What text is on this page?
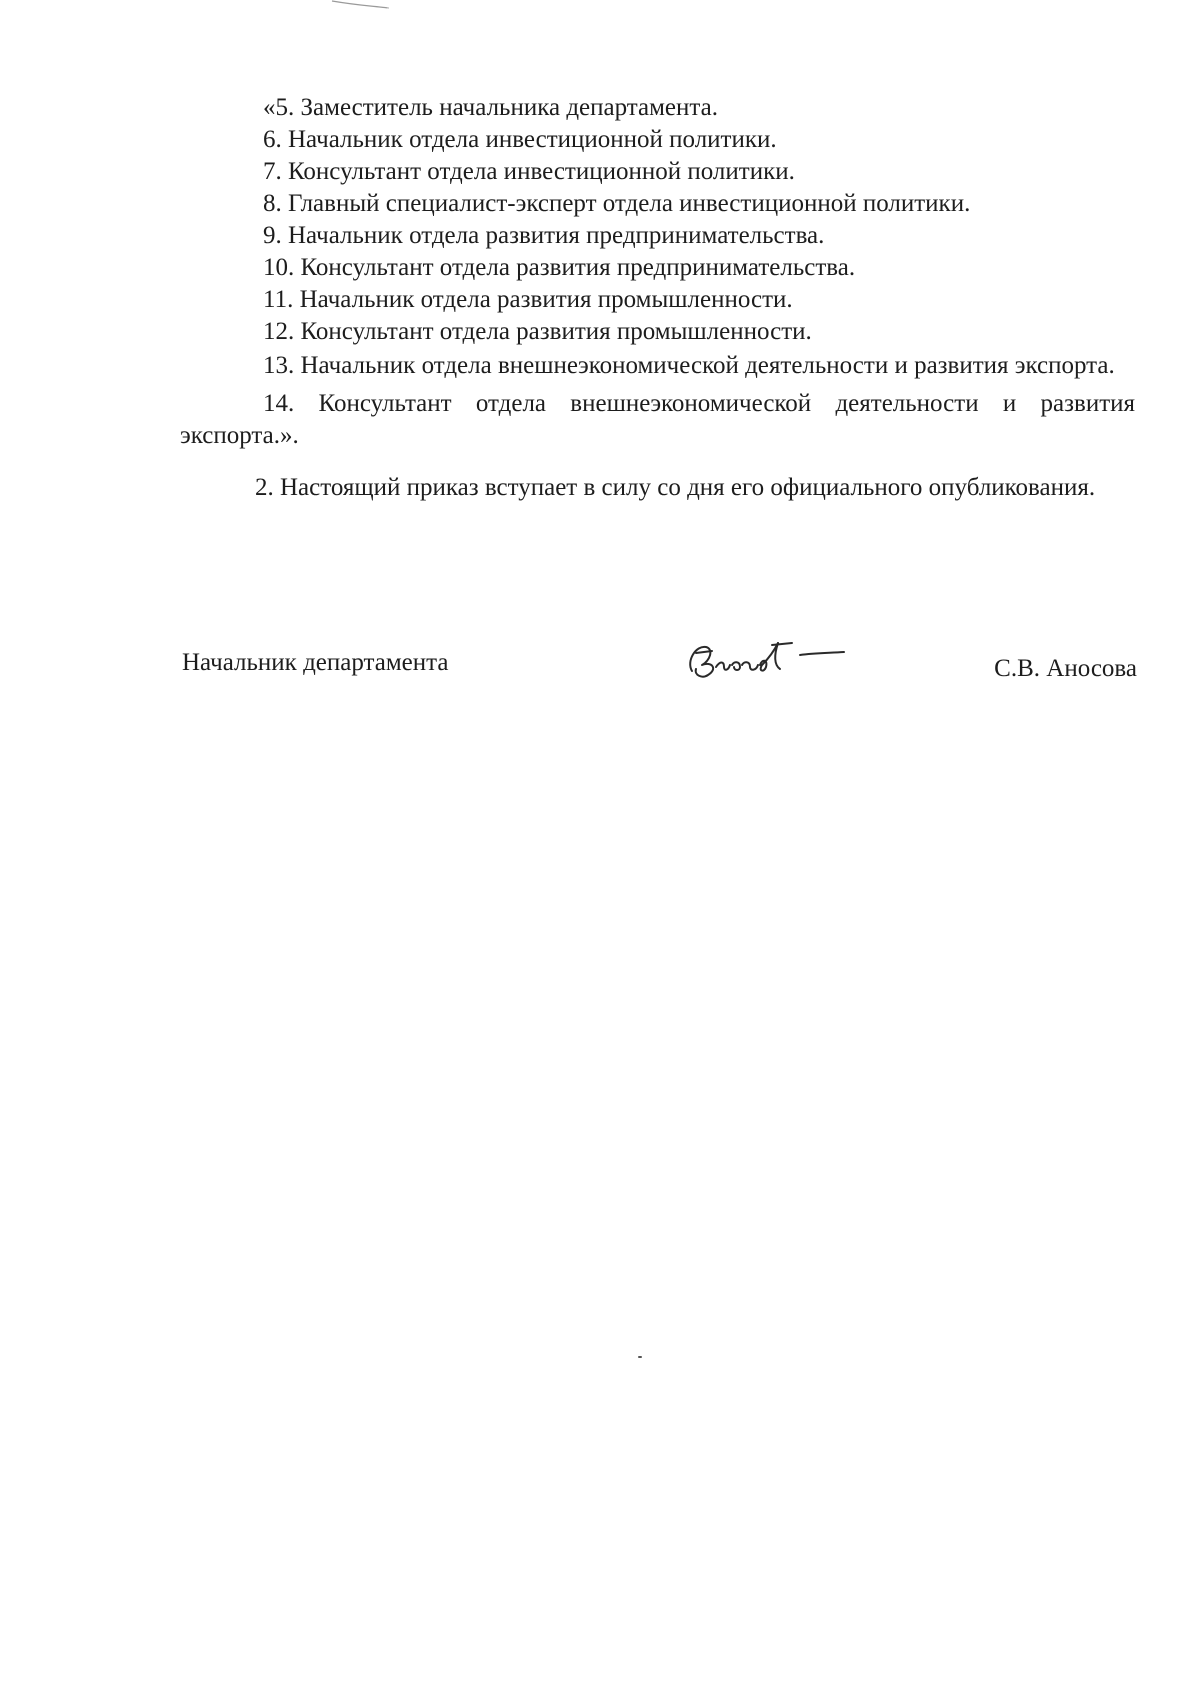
«5. Заместитель начальника департамента.
6. Начальник отдела инвестиционной политики.
7. Консультант отдела инвестиционной политики.
8. Главный специалист-эксперт отдела инвестиционной политики.
9. Начальник отдела развития предпринимательства.
10. Консультант отдела развития предпринимательства.
11. Начальник отдела развития промышленности.
12. Консультант отдела развития промышленности.

13. Начальник отдела внешнеэкономической деятельности и развития экспорта.

14. Консультант отдела внешнеэкономической деятельности и развития экспорта.».

2. Настоящий приказ вступает в силу со дня его официального опубликования.

Начальник департамента	С.В. Аносова
